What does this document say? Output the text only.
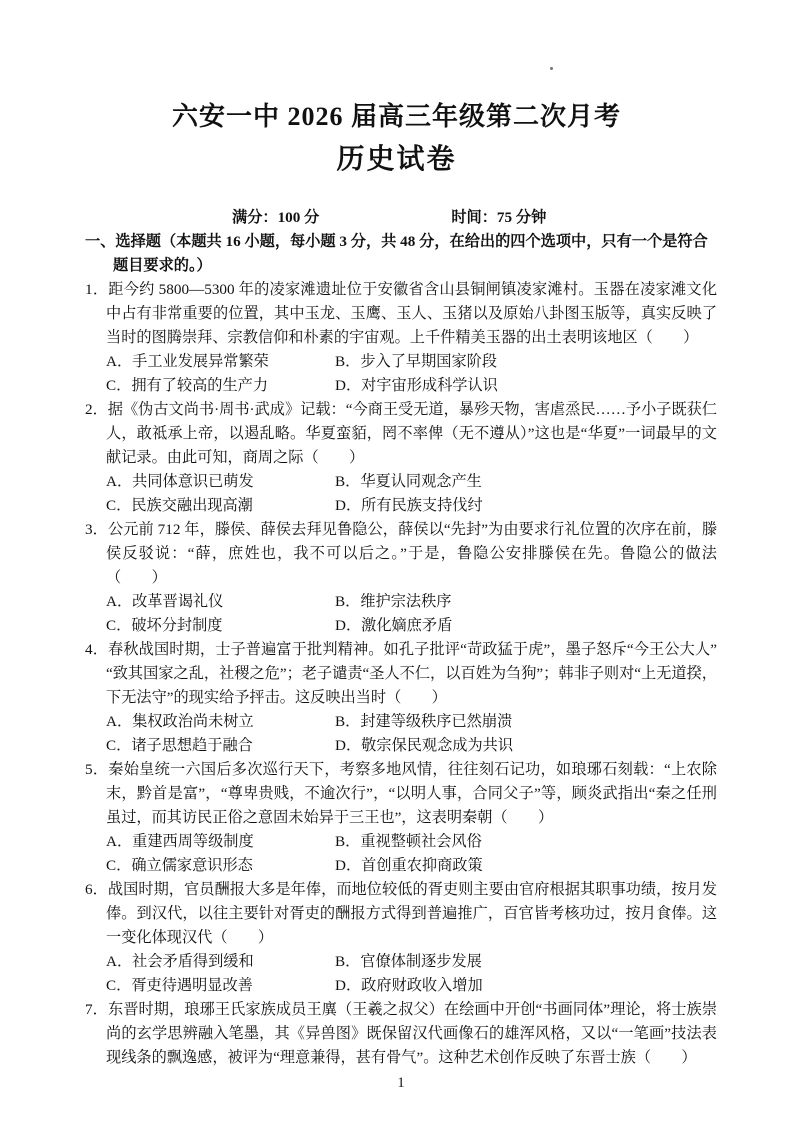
六安一中 2026 届高三年级第二次月考
历史试卷
满分：100 分	时间：75 分钟
一、选择题（本题共 16 小题，每小题 3 分，共 48 分，在给出的四个选项中，只有一个是符合题目要求的。）

1．距今约 5800—5300 年的凌家滩遗址位于安徽省含山县铜闸镇凌家滩村。玉器在凌家滩文化中占有非常重要的位置，其中玉龙、玉鹰、玉人、玉猪以及原始八卦图玉版等，真实反映了当时的图腾崇拜、宗教信仰和朴素的宇宙观。上千件精美玉器的出土表明该地区（　　）

A．手工业发展异常繁荣	B．步入了早期国家阶段
C．拥有了较高的生产力	D．对宇宙形成科学认识

2．据《伪古文尚书·周书·武成》记载：“今商王受无道，暴殄天物，害虐烝民……予小子既获仁人，敢祗承上帝，以遏乱略。华夏蛮貊，罔不率俾（无不遵从）”这也是“华夏”一词最早的文献记录。由此可知，商周之际（　　）

A．共同体意识已萌发	B．华夏认同观念产生
C．民族交融出现高潮	D．所有民族支持伐纣

3．公元前 712 年，滕侯、薛侯去拜见鲁隐公，薛侯以“先封”为由要求行礼位置的次序在前，滕侯反驳说：“薛，庶姓也，我不可以后之。”于是，鲁隐公安排滕侯在先。鲁隐公的做法（　　）

A．改革晋谒礼仪	B．维护宗法秩序
C．破坏分封制度	D．激化嫡庶矛盾

4．春秋战国时期，士子普遍富于批判精神。如孔子批评“苛政猛于虎”，墨子怒斥“今王公大人”“致其国家之乱，社稷之危”；老子谴责“圣人不仁，以百姓为刍狗”；韩非子则对“上无道揆，下无法守”的现实给予抨击。这反映出当时（　　）

A．集权政治尚未树立	B．封建等级秩序已然崩溃
C．诸子思想趋于融合	D．敬宗保民观念成为共识

5．秦始皇统一六国后多次巡行天下，考察多地风情，往往刻石记功，如琅琊石刻载：“上农除末，黔首是富”，“尊卑贵贱，不逾次行”，“以明人事，合同父子”等，顾炎武指出“秦之任刑虽过，而其访民正俗之意固未始异于三王也”，这表明秦朝（　　）

A．重建西周等级制度	B．重视整顿社会风俗
C．确立儒家意识形态	D．首创重农抑商政策

6．战国时期，官员酬报大多是年俸，而地位较低的胥吏则主要由官府根据其职事功绩，按月发俸。到汉代，以往主要针对胥吏的酬报方式得到普遍推广，百官皆考核功过，按月食俸。这一变化体现汉代（　　）

A．社会矛盾得到缓和	B．官僚体制逐步发展
C．胥吏待遇明显改善	D．政府财政收入增加

7．东晋时期，琅琊王氏家族成员王廙（王羲之叔父）在绘画中开创“书画同体”理论，将士族崇尚的玄学思辨融入笔墨，其《异兽图》既保留汉代画像石的雄浑风格，又以“一笔画”技法表现线条的飘逸感，被评为“理意兼得，甚有骨气”。这种艺术创作反映了东晋士族（　　）

1
